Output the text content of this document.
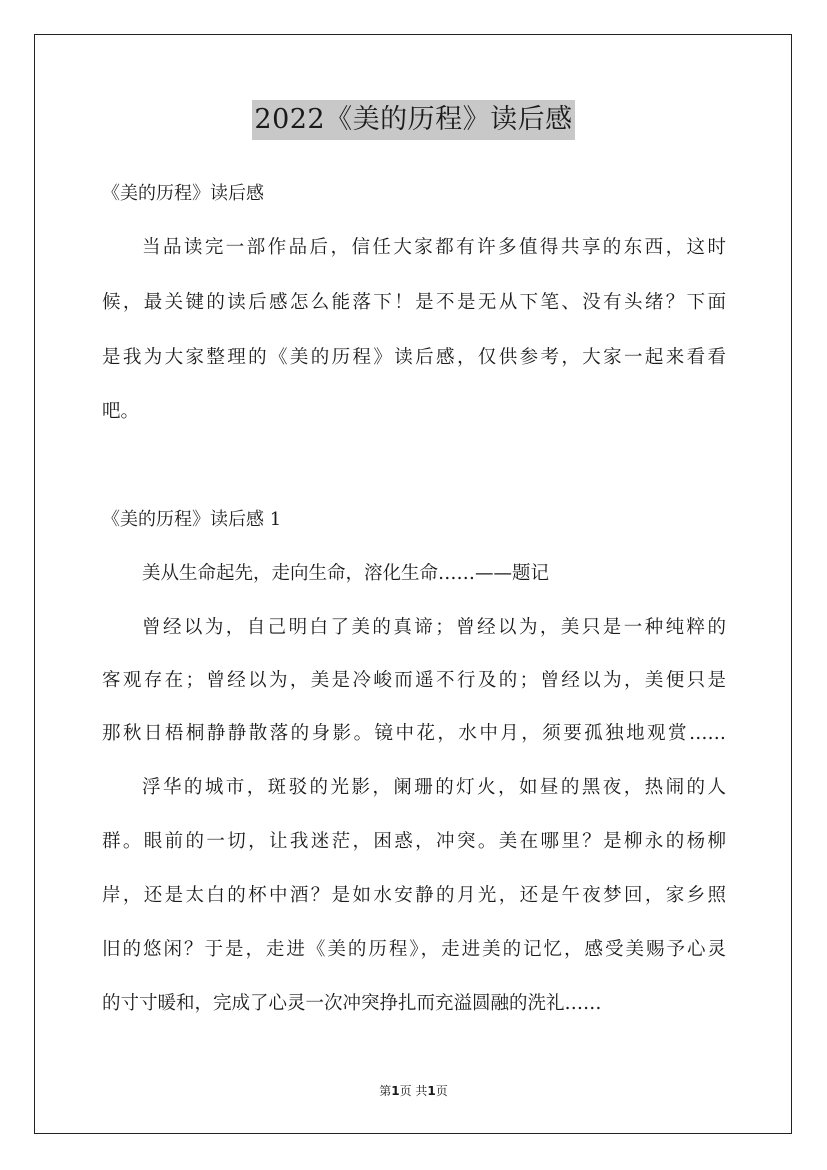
2022《美的历程》读后感
《美的历程》读后感
当品读完一部作品后，信任大家都有许多值得共享的东西，这时
候，最关键的读后感怎么能落下！是不是无从下笔、没有头绪？下面
是我为大家整理的《美的历程》读后感，仅供参考，大家一起来看看
吧。
《美的历程》读后感 1
美从生命起先，走向生命，溶化生命……——题记
曾经以为，自己明白了美的真谛；曾经以为，美只是一种纯粹的
客观存在；曾经以为，美是冷峻而遥不行及的；曾经以为，美便只是
那秋日梧桐静静散落的身影。镜中花，水中月，须要孤独地观赏……
浮华的城市，斑驳的光影，阑珊的灯火，如昼的黑夜，热闹的人
群。眼前的一切，让我迷茫，困惑，冲突。美在哪里？是柳永的杨柳
岸，还是太白的杯中酒？是如水安静的月光，还是午夜梦回，家乡照
旧的悠闲？于是，走进《美的历程》，走进美的记忆，感受美赐予心灵
的寸寸暖和，完成了心灵一次冲突挣扎而充溢圆融的洗礼……
第1页 共1页
